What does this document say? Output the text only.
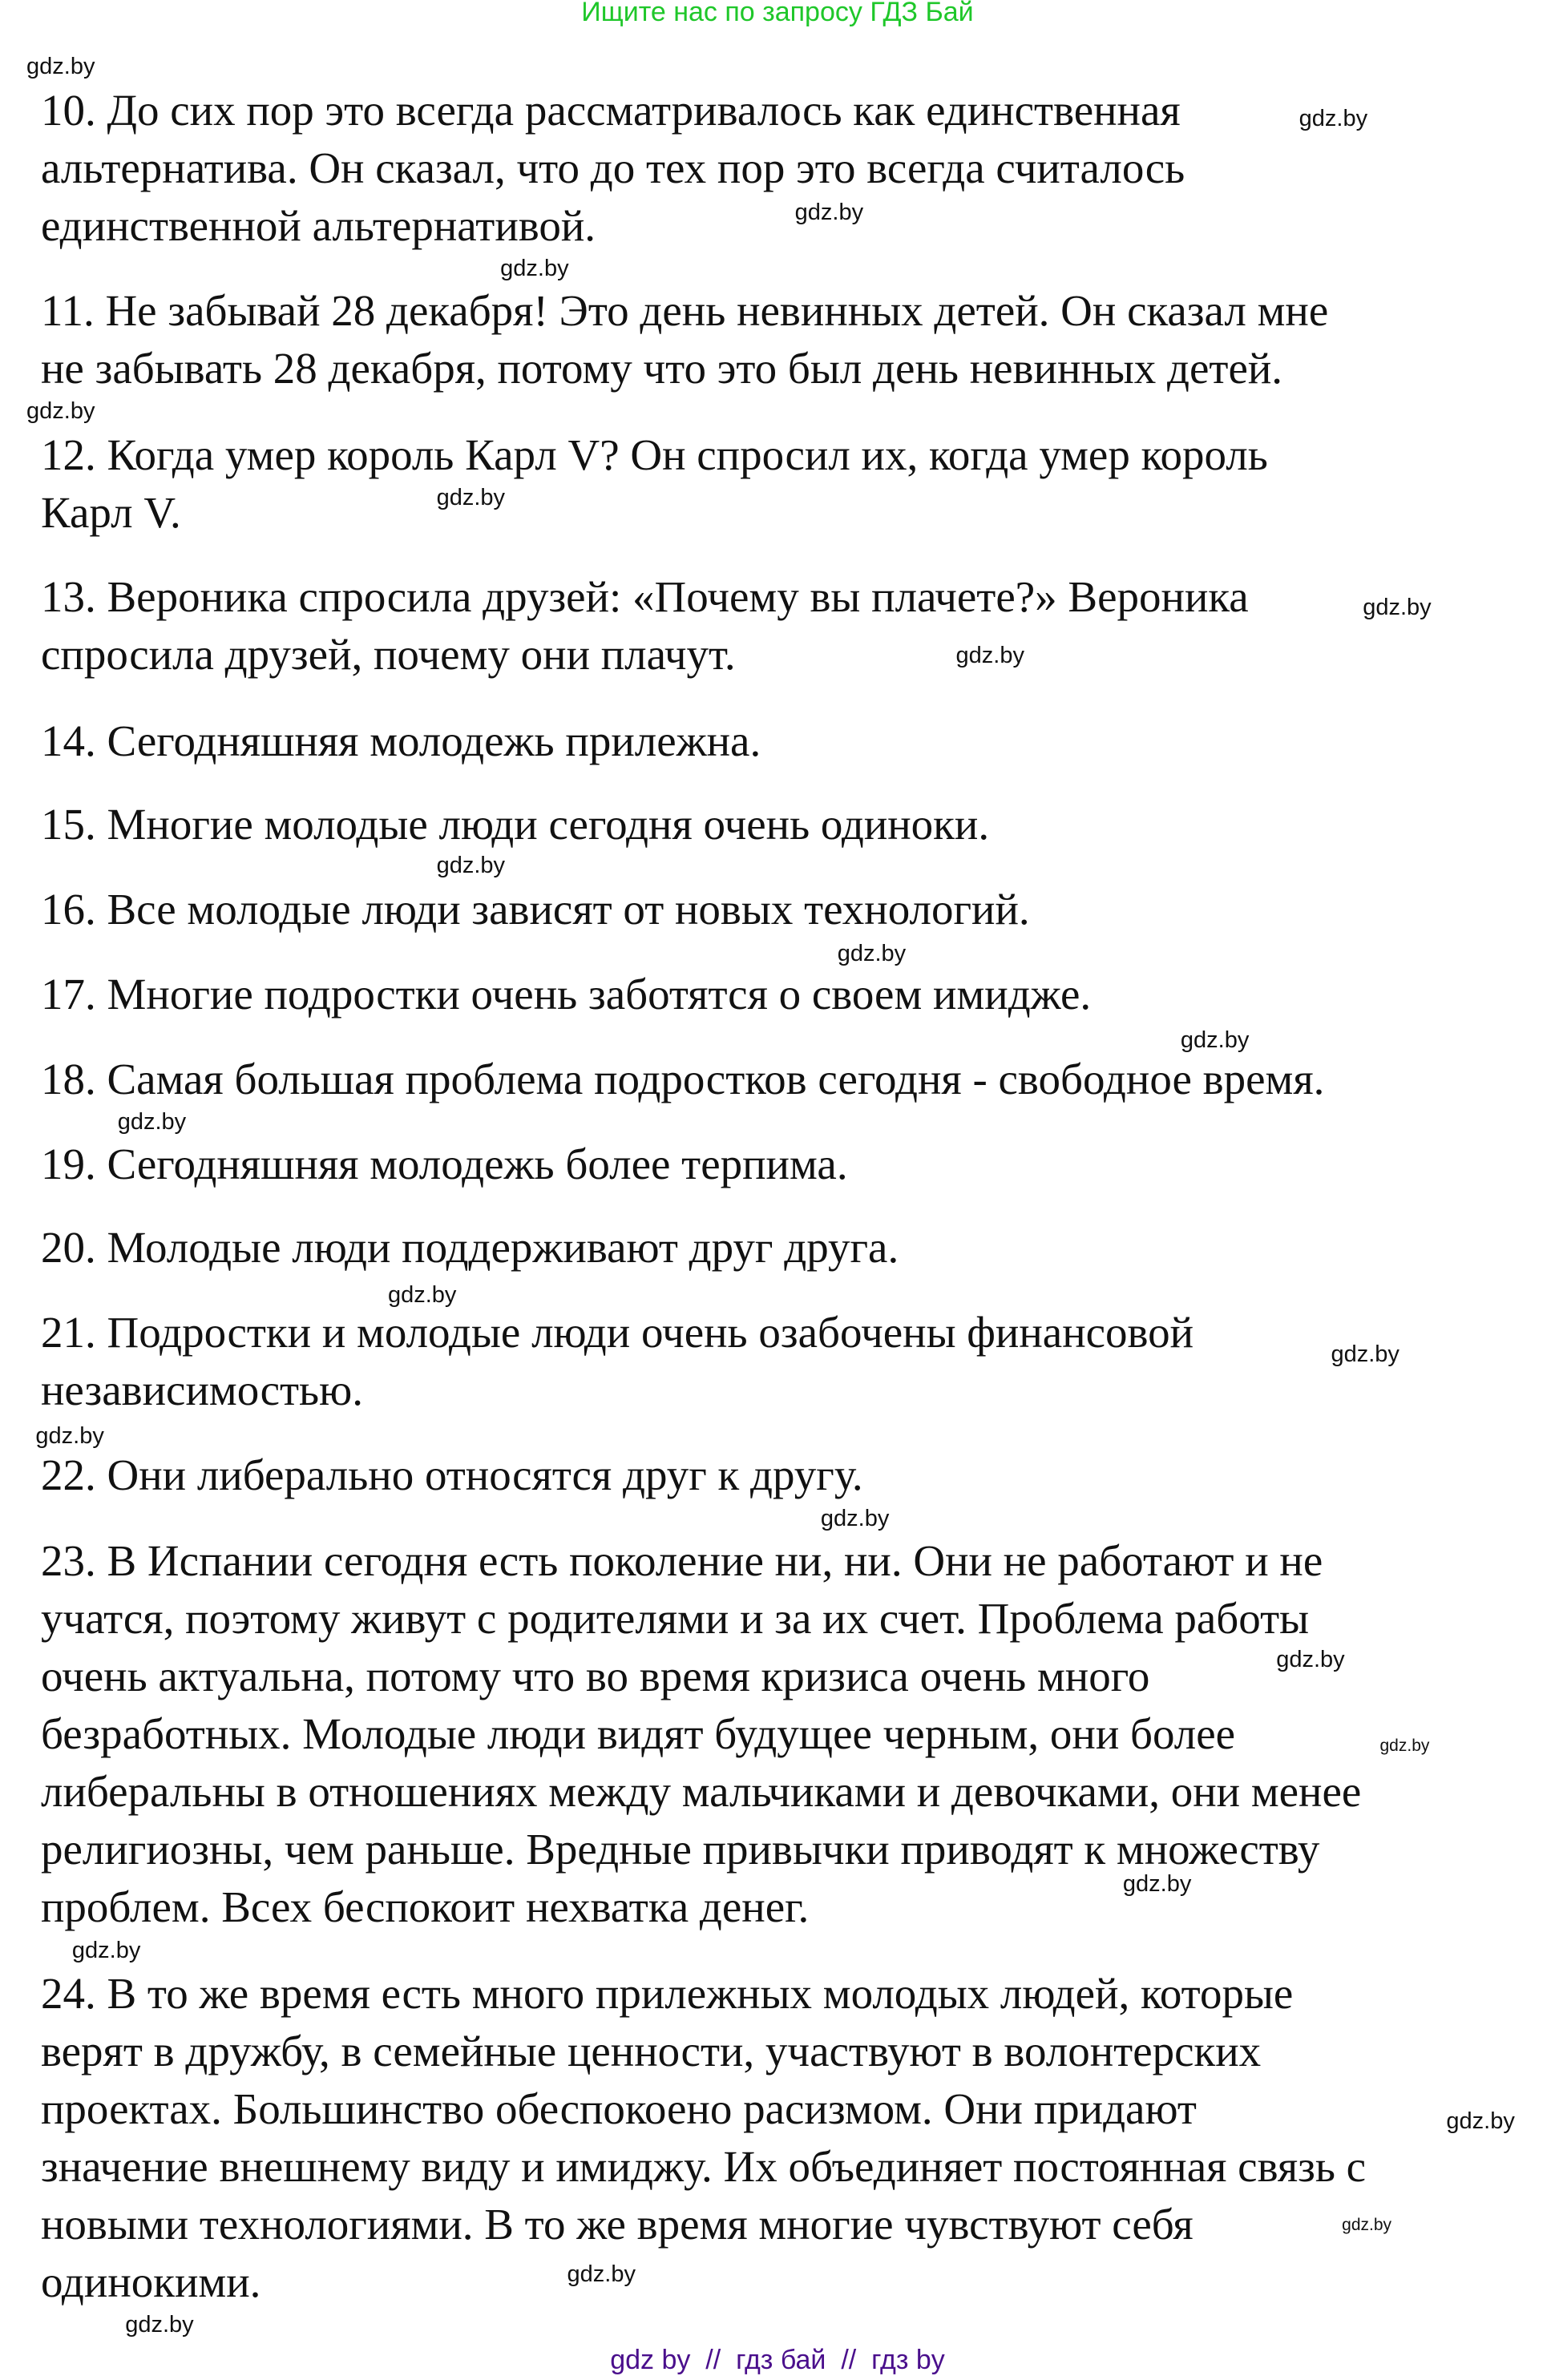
Ищите нас по запросу ГДЗ Бай
10. До сих пор это всегда рассматривалось как единственная
альтернатива. Он сказал, что до тех пор это всегда считалось
единственной альтернативой.
11. Не забывай 28 декабря! Это день невинных детей. Он сказал мне
не забывать 28 декабря, потому что это был день невинных детей.
12. Когда умер король Карл V? Он спросил их, когда умер король
Карл V.
13. Вероника спросила друзей: «Почему вы плачете?» Вероника
спросила друзей, почему они плачут.
14. Сегодняшняя молодежь прилежна.
15. Многие молодые люди сегодня очень одиноки.
16. Все молодые люди зависят от новых технологий.
17. Многие подростки очень заботятся о своем имидже.
18. Самая большая проблема подростков сегодня - свободное время.
19. Сегодняшняя молодежь более терпима.
20. Молодые люди поддерживают друг друга.
21. Подростки и молодые люди очень озабочены финансовой
независимостью.
22. Они либерально относятся друг к другу.
23. В Испании сегодня есть поколение ни, ни. Они не работают и не
учатся, поэтому живут с родителями и за их счет. Проблема работы
очень актуальна, потому что во время кризиса очень много
безработных. Молодые люди видят будущее черным, они более
либеральны в отношениях между мальчиками и девочками, они менее
религиозны, чем раньше. Вредные привычки приводят к множеству
проблем. Всех беспокоит нехватка денег.
24. В то же время есть много прилежных молодых людей, которые
верят в дружбу, в семейные ценности, участвуют в волонтерских
проектах. Большинство обеспокоено расизмом. Они придают
значение внешнему виду и имиджу. Их объединяет постоянная связь с
новыми технологиями. В то же время многие чувствуют себя
одинокими.
gdz.by
gdz.by
gdz.by
gdz.by
gdz.by
gdz.by
gdz.by
gdz.by
gdz.by
gdz.by
gdz.by
gdz.by
gdz.by
gdz.by
gdz.by
gdz.by
gdz.by
gdz.by
gdz.by
gdz.by
gdz.by
gdz.by
gdz.by
gdz.by
gdz by  //  гдз бай  //  гдз by
